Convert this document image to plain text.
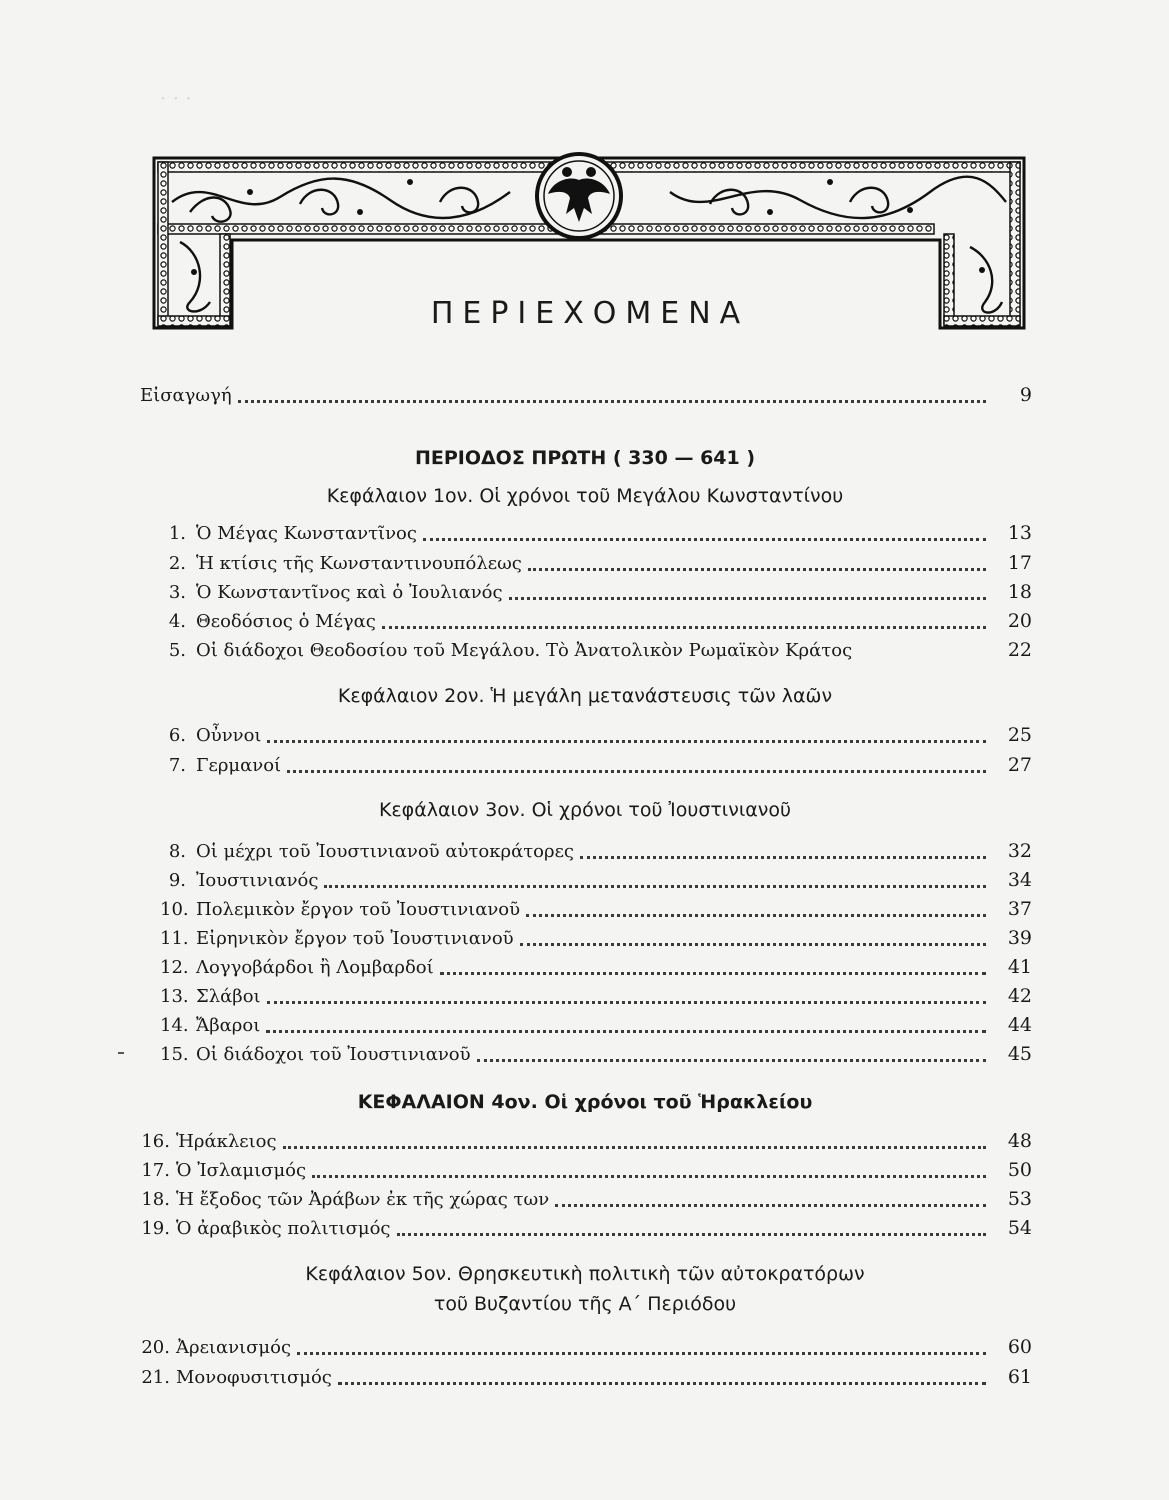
· · ·
ΠΕΡΙΕΧΟΜΕΝΑ
Εἰσαγωγή	9
ΠΕΡΙΟΔΟΣ ΠΡΩΤΗ ( 330 — 641 )
Κεφάλαιον 1ον. Οἱ χρόνοι τοῦ Μεγάλου Κωνσταντίνου
1. Ὁ Μέγας Κωνσταντῖνος	13
2. Ἡ κτίσις τῆς Κωνσταντινουπόλεως	17
3. Ὁ Κωνσταντῖνος καὶ ὁ Ἰουλιανός	18
4. Θεοδόσιος ὁ Μέγας	20
5. Οἱ διάδοχοι Θεοδοσίου τοῦ Μεγάλου. Τὸ Ἀνατολικὸν Ρωμαϊκὸν Κράτος	22
Κεφάλαιον 2ον. Ἡ μεγάλη μετανάστευσις τῶν λαῶν
6. Οὖννοι	25
7. Γερμανοί	27
Κεφάλαιον 3ον. Οἱ χρόνοι τοῦ Ἰουστινιανοῦ
8. Οἱ μέχρι τοῦ Ἰουστινιανοῦ αὐτοκράτορες	32
9. Ἰουστινιανός	34
10. Πολεμικὸν ἔργον τοῦ Ἰουστινιανοῦ	37
11. Εἰρηνικὸν ἔργον τοῦ Ἰουστινιανοῦ	39
12. Λογγοβάρδοι ἢ Λομβαρδοί	41
13. Σλάβοι	42
14. Ἄβαροι	44
15. Οἱ διάδοχοι τοῦ Ἰουστινιανοῦ	45
ΚΕΦΑΛΑΙΟΝ 4ον. Οἱ χρόνοι τοῦ Ἡρακλείου
16. Ἡράκλειος	48
17. Ὁ Ἰσλαμισμός	50
18. Ἡ ἔξοδος τῶν Ἀράβων ἐκ τῆς χώρας των	53
19. Ὁ ἀραβικὸς πολιτισμός	54
Κεφάλαιον 5ον. Θρησκευτικὴ πολιτικὴ τῶν αὐτοκρατόρων
τοῦ Βυζαντίου τῆς Α΄ Περιόδου
20. Ἀρειανισμός	60
21. Μονοφυσιτισμός	61
